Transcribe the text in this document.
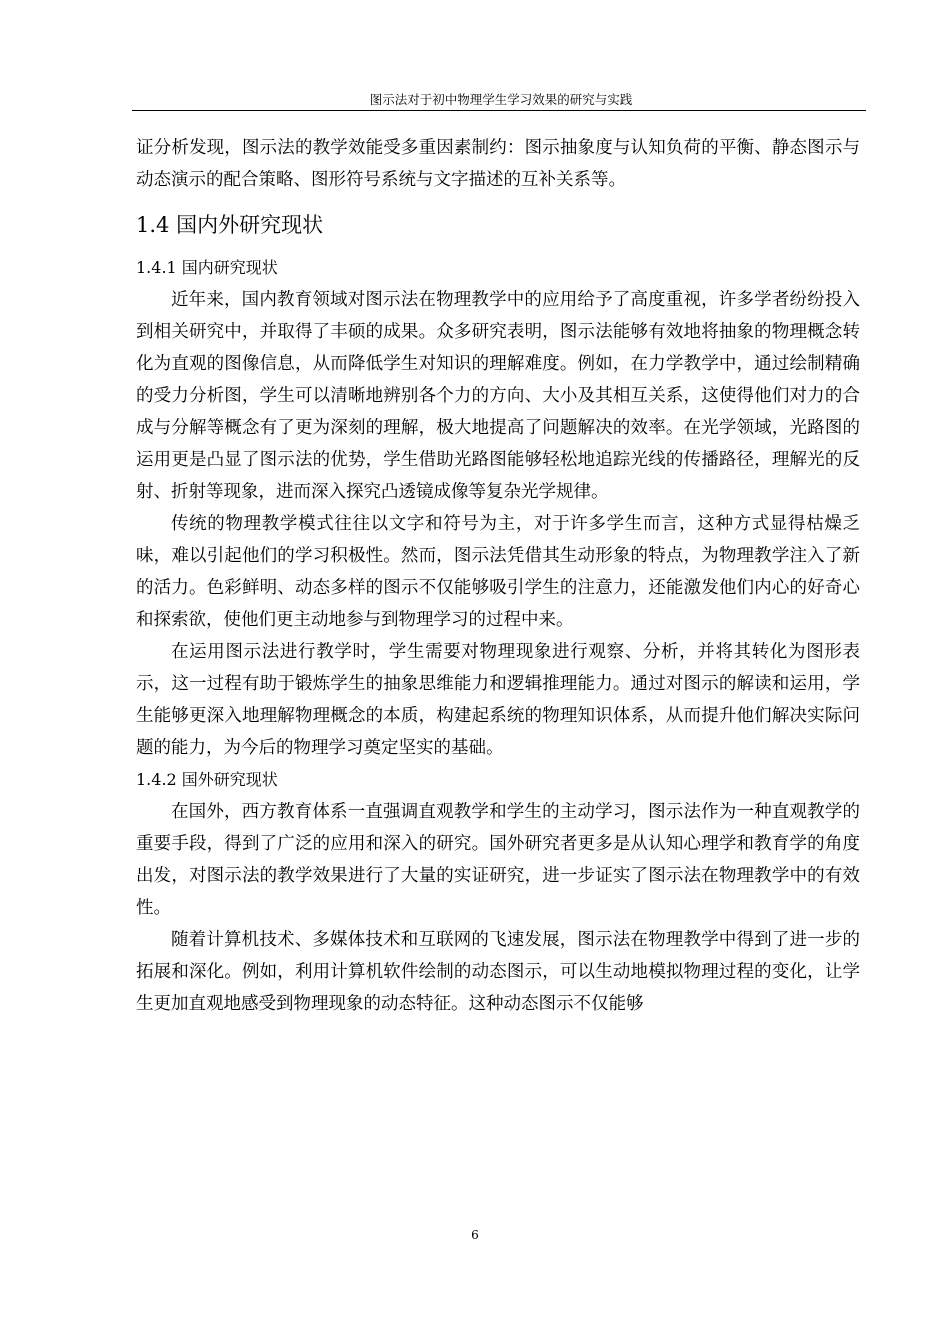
图示法对于初中物理学生学习效果的研究与实践

证分析发现，图示法的教学效能受多重因素制约：图示抽象度与认知负荷的平衡、静态图示与动态演示的配合策略、图形符号系统与文字描述的互补关系等。

1.4 国内外研究现状
1.4.1 国内研究现状

近年来，国内教育领域对图示法在物理教学中的应用给予了高度重视，许多学者纷纷投入到相关研究中，并取得了丰硕的成果。众多研究表明，图示法能够有效地将抽象的物理概念转化为直观的图像信息，从而降低学生对知识的理解难度。例如，在力学教学中，通过绘制精确的受力分析图，学生可以清晰地辨别各个力的方向、大小及其相互关系，这使得他们对力的合成与分解等概念有了更为深刻的理解，极大地提高了问题解决的效率。在光学领域，光路图的运用更是凸显了图示法的优势，学生借助光路图能够轻松地追踪光线的传播路径，理解光的反射、折射等现象，进而深入探究凸透镜成像等复杂光学规律。

传统的物理教学模式往往以文字和符号为主，对于许多学生而言，这种方式显得枯燥乏味，难以引起他们的学习积极性。然而，图示法凭借其生动形象的特点，为物理教学注入了新的活力。色彩鲜明、动态多样的图示不仅能够吸引学生的注意力，还能激发他们内心的好奇心和探索欲，使他们更主动地参与到物理学习的过程中来。

在运用图示法进行教学时，学生需要对物理现象进行观察、分析，并将其转化为图形表示，这一过程有助于锻炼学生的抽象思维能力和逻辑推理能力。通过对图示的解读和运用，学生能够更深入地理解物理概念的本质，构建起系统的物理知识体系，从而提升他们解决实际问题的能力，为今后的物理学习奠定坚实的基础。

1.4.2 国外研究现状

在国外，西方教育体系一直强调直观教学和学生的主动学习，图示法作为一种直观教学的重要手段，得到了广泛的应用和深入的研究。国外研究者更多是从认知心理学和教育学的角度出发，对图示法的教学效果进行了大量的实证研究，进一步证实了图示法在物理教学中的有效性。

随着计算机技术、多媒体技术和互联网的飞速发展，图示法在物理教学中得到了进一步的拓展和深化。例如，利用计算机软件绘制的动态图示，可以生动地模拟物理过程的变化，让学生更加直观地感受到物理现象的动态特征。这种动态图示不仅能够

6
